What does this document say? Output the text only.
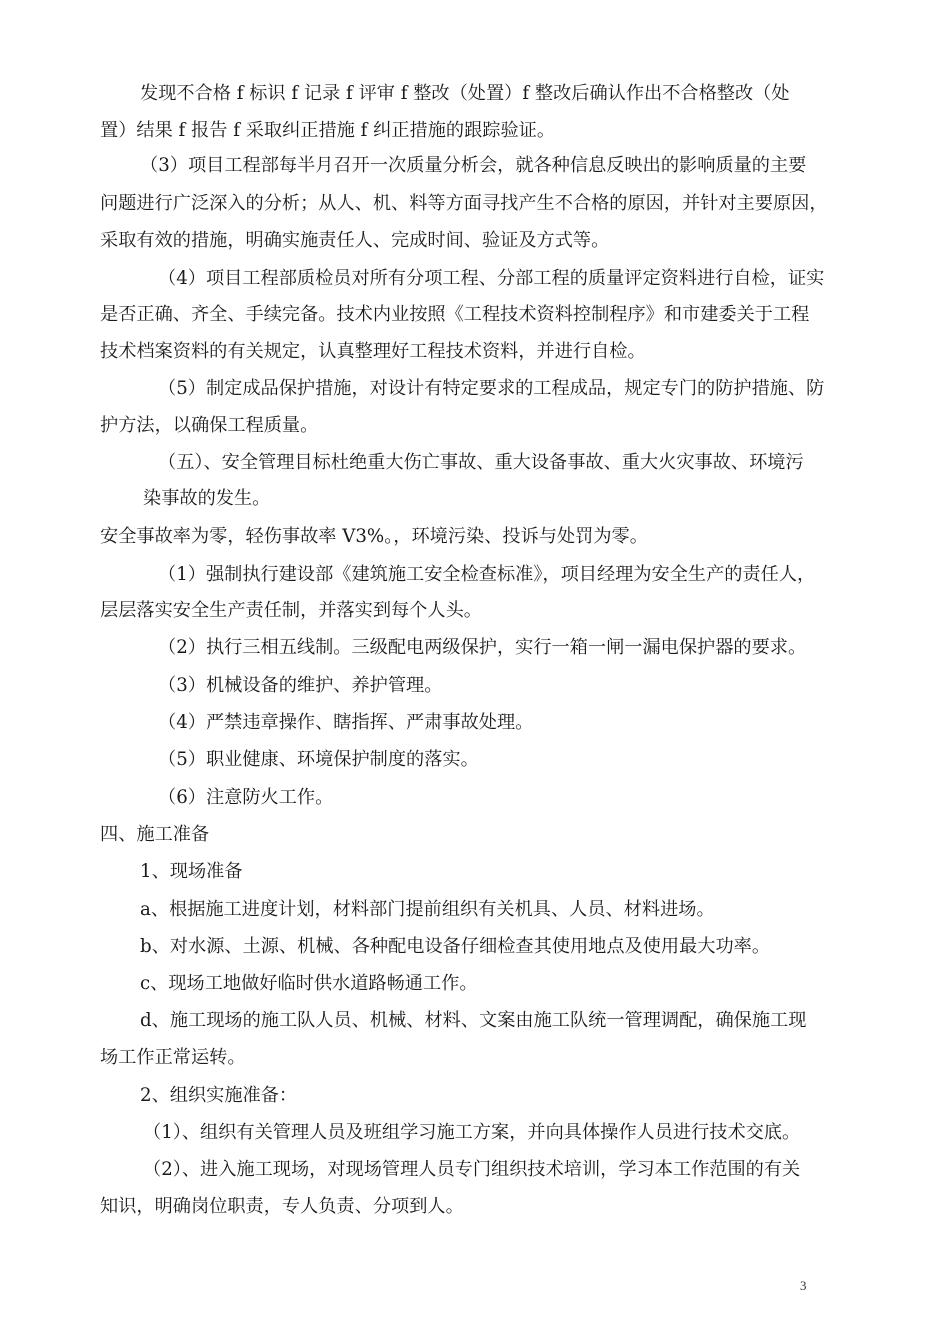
发现不合格 f 标识 f 记录 f 评审 f 整改（处置）f 整改后确认作出不合格整改（处
置）结果 f 报告 f 采取纠正措施 f 纠正措施的跟踪验证。
（3）项目工程部每半月召开一次质量分析会，就各种信息反映出的影响质量的主要
问题进行广泛深入的分析；从人、机、料等方面寻找产生不合格的原因，并针对主要原因，
采取有效的措施，明确实施责任人、完成时间、验证及方式等。
（4）项目工程部质检员对所有分项工程、分部工程的质量评定资料进行自检，证实
是否正确、齐全、手续完备。技术内业按照《工程技术资料控制程序》和市建委关于工程
技术档案资料的有关规定，认真整理好工程技术资料，并进行自检。
（5）制定成品保护措施，对设计有特定要求的工程成品，规定专门的防护措施、防
护方法，以确保工程质量。
（五）、安全管理目标杜绝重大伤亡事故、重大设备事故、重大火灾事故、环境污
染事故的发生。
安全事故率为零，轻伤事故率 V3%。，环境污染、投诉与处罚为零。
（1）强制执行建设部《建筑施工安全检查标准》，项目经理为安全生产的责任人，
层层落实安全生产责任制，并落实到每个人头。
（2）执行三相五线制。三级配电两级保护，实行一箱一闸一漏电保护器的要求。
（3）机械设备的维护、养护管理。
（4）严禁违章操作、瞎指挥、严肃事故处理。
（5）职业健康、环境保护制度的落实。
（6）注意防火工作。
四、施工准备
1、现场准备
a、根据施工进度计划，材料部门提前组织有关机具、人员、材料进场。
b、对水源、土源、机械、各种配电设备仔细检查其使用地点及使用最大功率。
c、现场工地做好临时供水道路畅通工作。
d、施工现场的施工队人员、机械、材料、文案由施工队统一管理调配，确保施工现
场工作正常运转。
2、组织实施准备：
（1）、组织有关管理人员及班组学习施工方案，并向具体操作人员进行技术交底。
（2）、进入施工现场，对现场管理人员专门组织技术培训，学习本工作范围的有关
知识，明确岗位职责，专人负责、分项到人。
3
